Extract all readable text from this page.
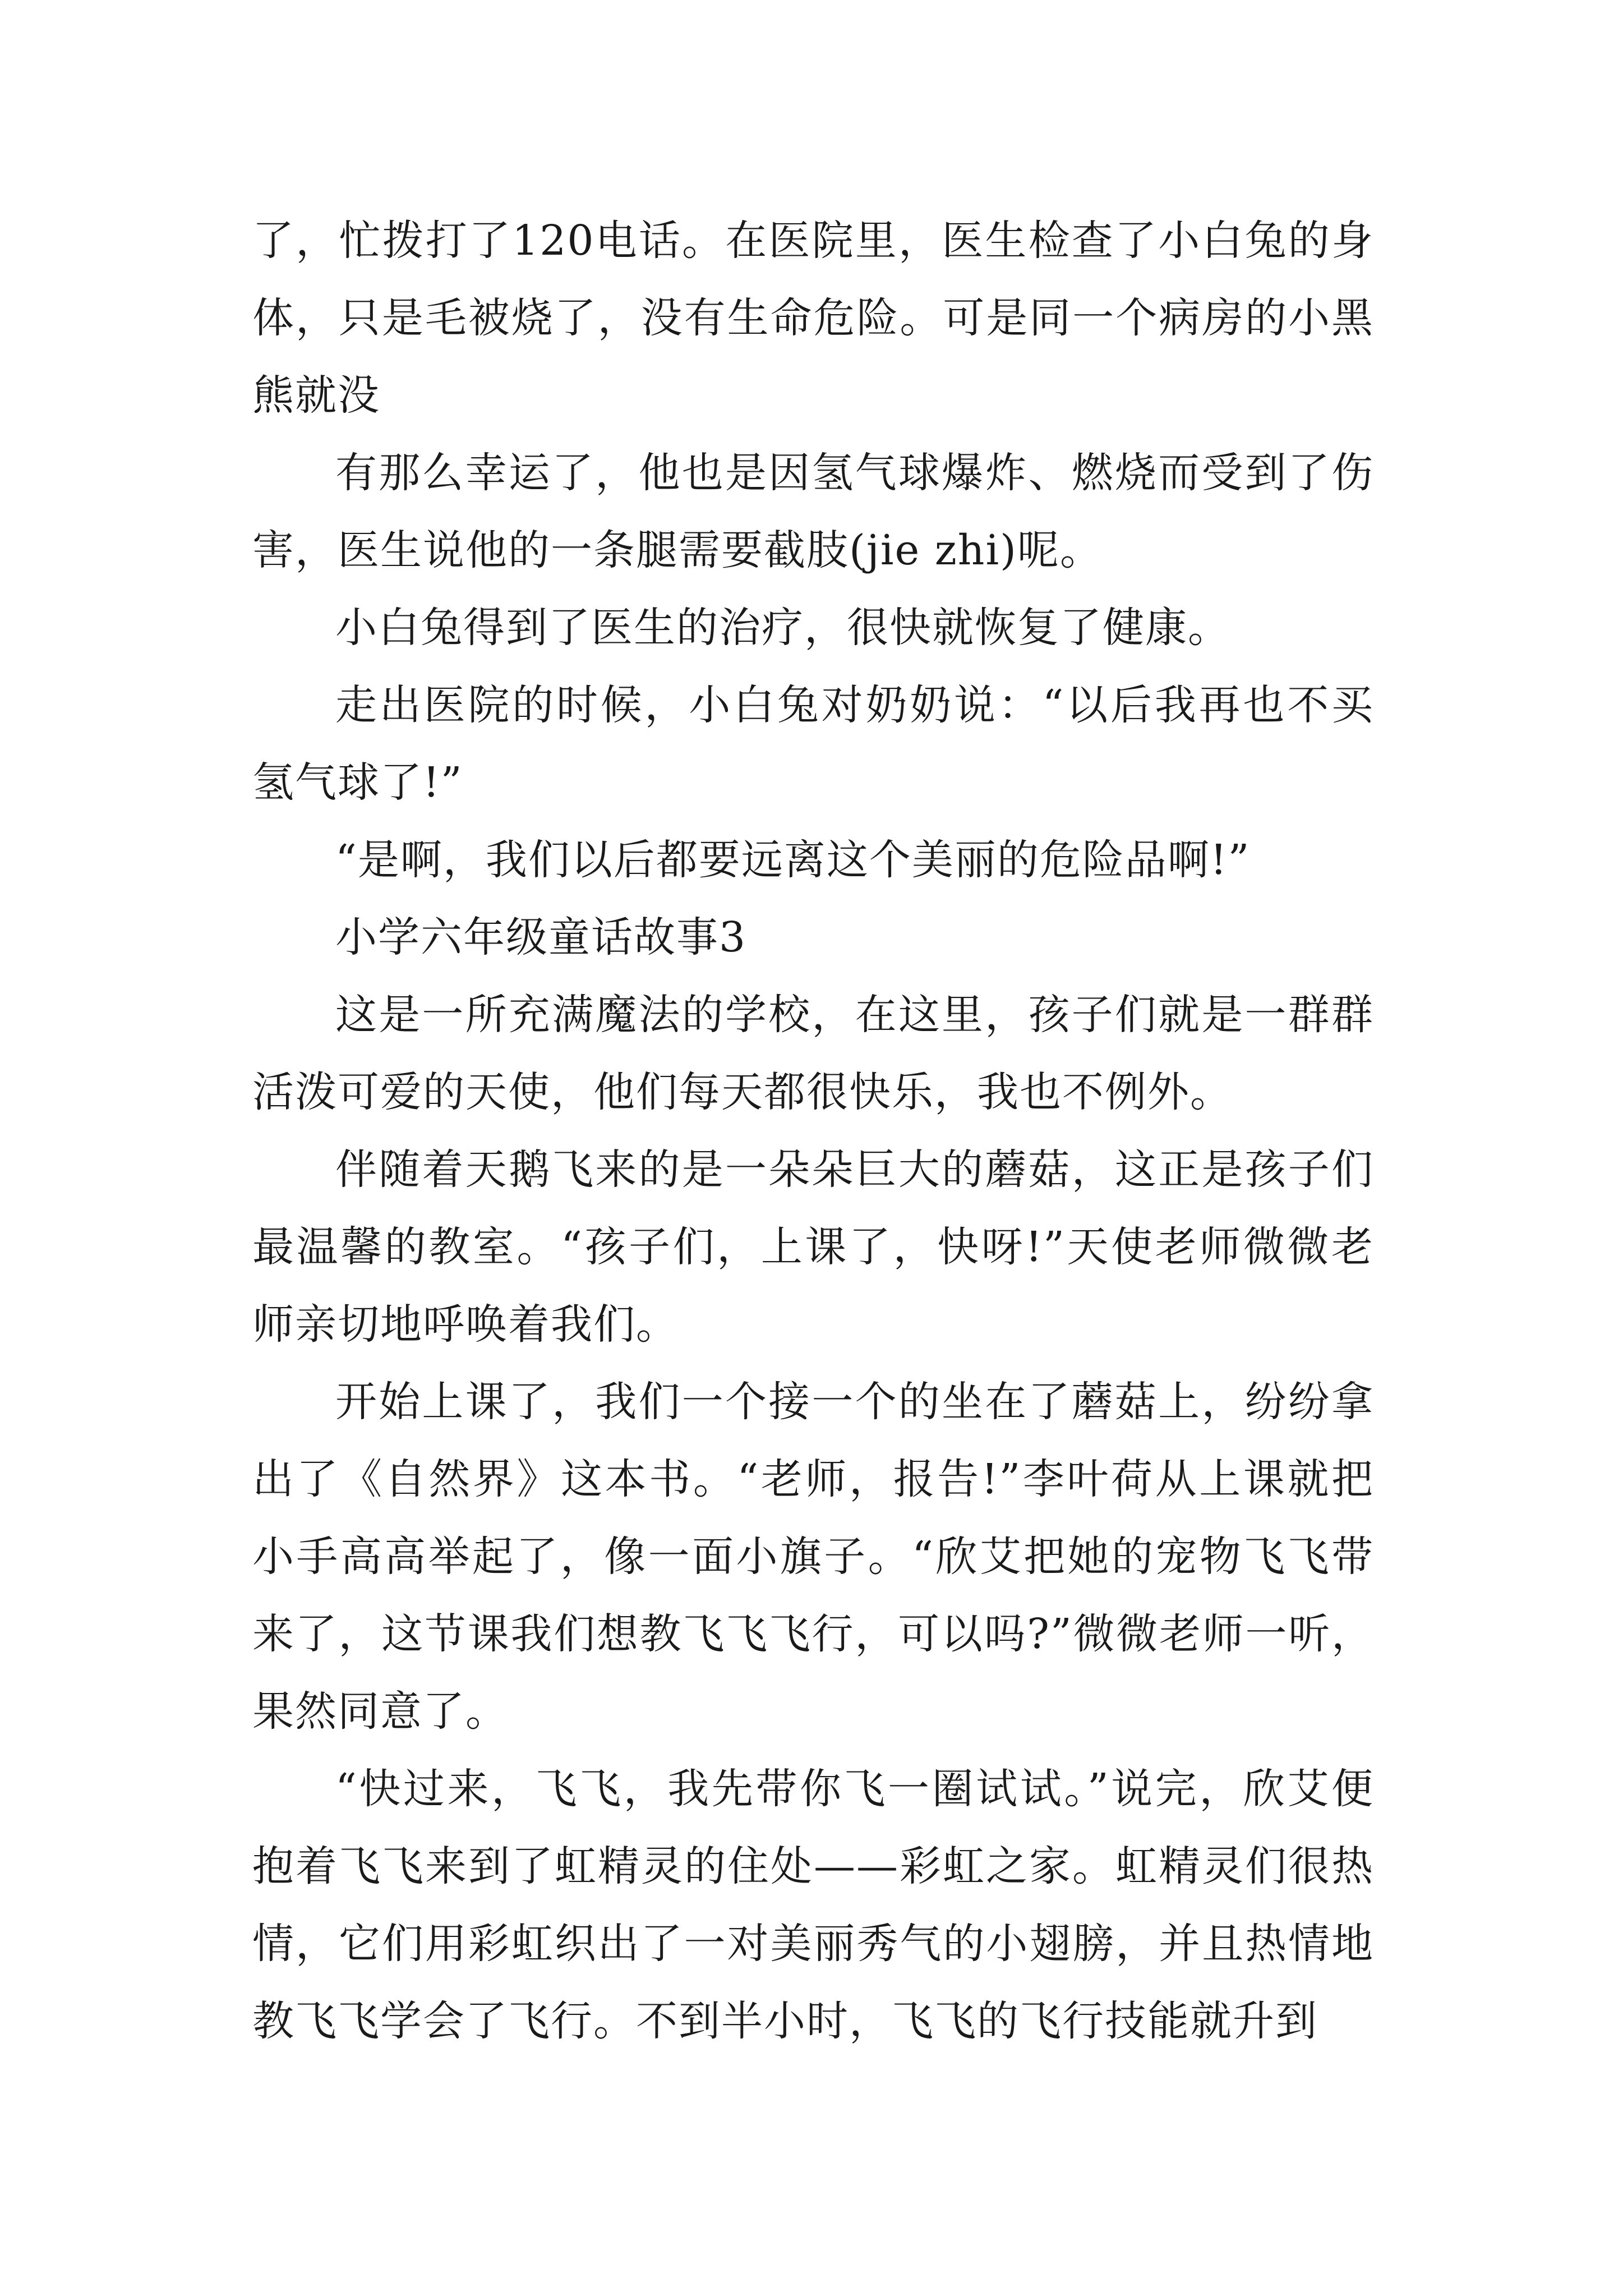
了，忙拨打了120电话。在医院里，医生检查了小白兔的身体，只是毛被烧了，没有生命危险。可是同一个病房的小黑熊就没

有那么幸运了，他也是因氢气球爆炸、燃烧而受到了伤害，医生说他的一条腿需要截肢(jie zhi)呢。

小白兔得到了医生的治疗，很快就恢复了健康。

走出医院的时候，小白兔对奶奶说：“以后我再也不买氢气球了!”

“是啊，我们以后都要远离这个美丽的危险品啊!”

小学六年级童话故事3

这是一所充满魔法的学校，在这里，孩子们就是一群群活泼可爱的天使，他们每天都很快乐，我也不例外。

伴随着天鹅飞来的是一朵朵巨大的蘑菇，这正是孩子们最温馨的教室。“孩子们，上课了，快呀!”天使老师微微老师亲切地呼唤着我们。

开始上课了，我们一个接一个的坐在了蘑菇上，纷纷拿出了《自然界》这本书。“老师，报告!”李叶荷从上课就把小手高高举起了，像一面小旗子。“欣艾把她的宠物飞飞带来了，这节课我们想教飞飞飞行，可以吗?”微微老师一听，果然同意了。

“快过来，飞飞，我先带你飞一圈试试。”说完，欣艾便抱着飞飞来到了虹精灵的住处——彩虹之家。虹精灵们很热情，它们用彩虹织出了一对美丽秀气的小翅膀，并且热情地教飞飞学会了飞行。不到半小时，飞飞的飞行技能就升到
